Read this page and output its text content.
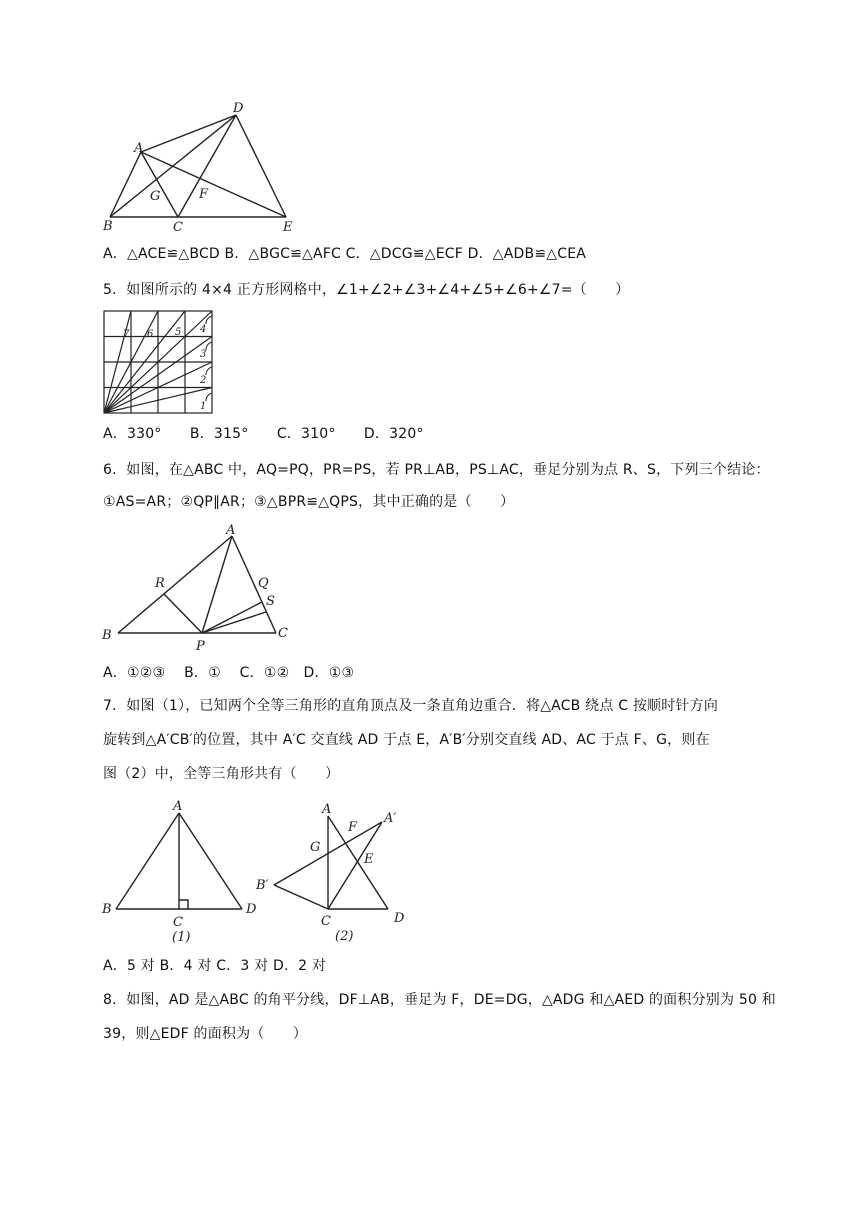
A
B	C
D
E
F
G
A．△ACE≌△BCD B．△BGC≌△AFC C．△DCG≌△ECF D．△ADB≌△CEA
5．如图所示的 4×4 正方形网格中，∠1+∠2+∠3+∠4+∠5+∠6+∠7=（　　）
1
2
3
4
5
6
7
A．330°　　B．315°　　C．310°　　D．320°
6．如图，在△ABC 中，AQ=PQ，PR=PS，若 PR⊥AB，PS⊥AC，垂足分别为点 R、S，下列三个结论：
①AS=AR；②QP∥AR；③△BPR≌△QPS，其中正确的是（　　）
A
B	C
P
Q
R
S
A．①②③　 B．①　 C．①②　D．①③
7．如图（1），已知两个全等三角形的直角顶点及一条直角边重合．将△ACB 绕点 C 按顺时针方向
旋转到△A′CB′的位置，其中 A′C 交直线 AD 于点 E，A′B′分别交直线 AD、AC 于点 F、G，则在
图（2）中，全等三角形共有（　　）
A
B
C
D
(1)
A
A′
B′
C	D
E
F
G
(2)
A．5 对 B．4 对 C．3 对 D．2 对
8．如图，AD 是△ABC 的角平分线，DF⊥AB，垂足为 F，DE=DG，△ADG 和△AED 的面积分别为 50 和
39，则△EDF 的面积为（　　）
